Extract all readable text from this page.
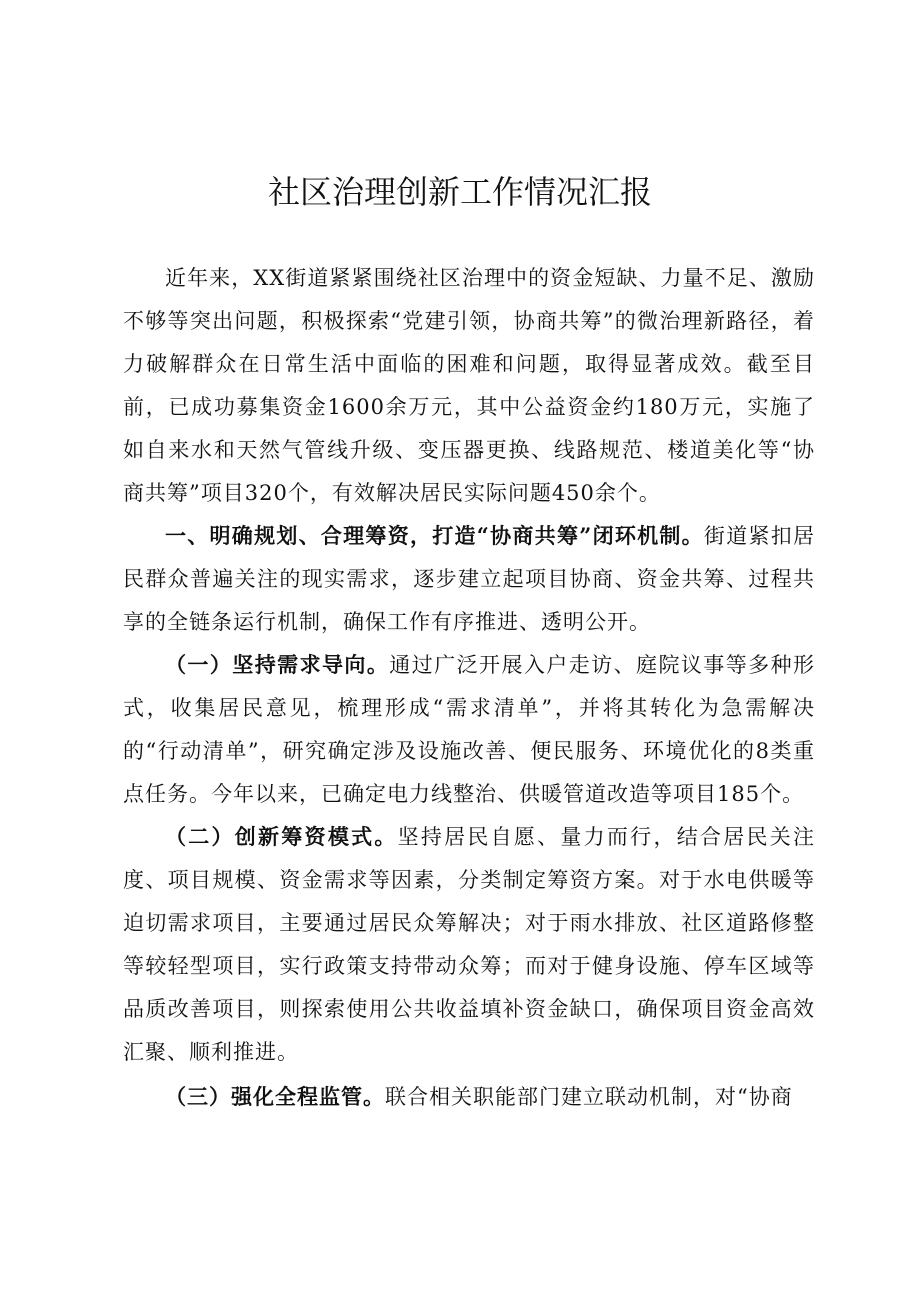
社区治理创新工作情况汇报

近年来，XX街道紧紧围绕社区治理中的资金短缺、力量不足、激励不够等突出问题，积极探索“党建引领，协商共筹”的微治理新路径，着力破解群众在日常生活中面临的困难和问题，取得显著成效。截至目前，已成功募集资金1600余万元，其中公益资金约180万元，实施了如自来水和天然气管线升级、变压器更换、线路规范、楼道美化等“协商共筹”项目320个，有效解决居民实际问题450余个。

一、明确规划、合理筹资，打造“协商共筹”闭环机制。街道紧扣居民群众普遍关注的现实需求，逐步建立起项目协商、资金共筹、过程共享的全链条运行机制，确保工作有序推进、透明公开。

（一）坚持需求导向。通过广泛开展入户走访、庭院议事等多种形式，收集居民意见，梳理形成“需求清单”，并将其转化为急需解决的“行动清单”，研究确定涉及设施改善、便民服务、环境优化的8类重点任务。今年以来，已确定电力线整治、供暖管道改造等项目185个。

（二）创新筹资模式。坚持居民自愿、量力而行，结合居民关注度、项目规模、资金需求等因素，分类制定筹资方案。对于水电供暖等迫切需求项目，主要通过居民众筹解决；对于雨水排放、社区道路修整等较轻型项目，实行政策支持带动众筹；而对于健身设施、停车区域等品质改善项目，则探索使用公共收益填补资金缺口，确保项目资金高效汇聚、顺利推进。

（三）强化全程监管。联合相关职能部门建立联动机制，对“协商
